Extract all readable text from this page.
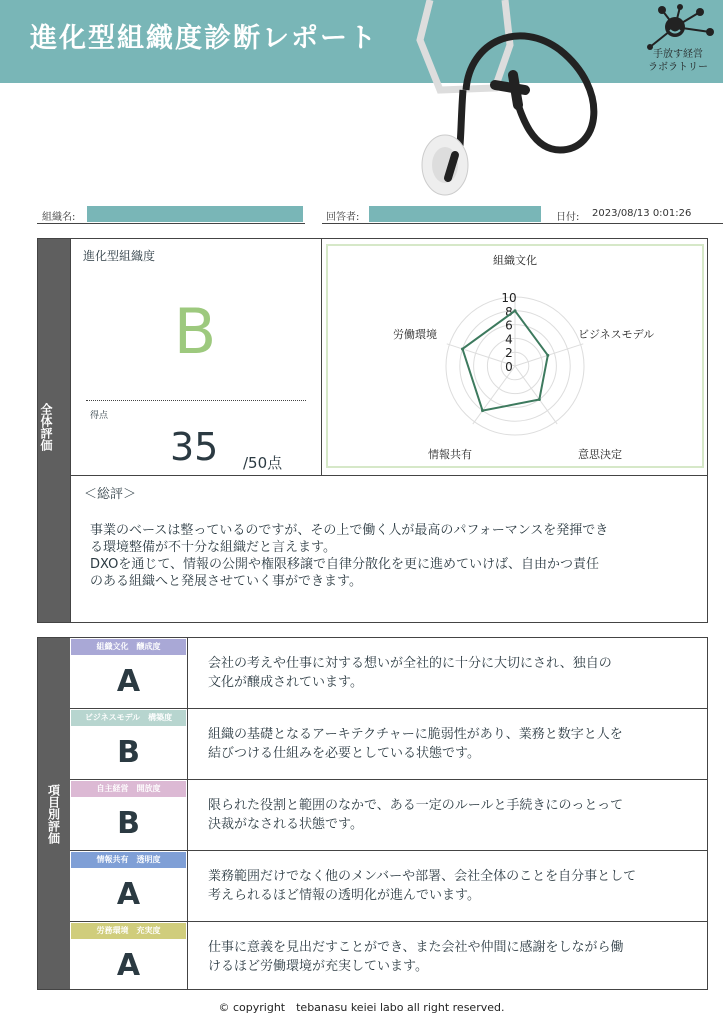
進化型組織度診断レポート
手放す経営
ラボラトリー
組織名:	回答者:	日付: 2023/08/13 0:01:26
全体評価
進化型組織度
B
得点
35 /50点
0
2
4
6
8
10
組織文化
ビジネスモデル
意思決定
情報共有
労働環境
＜総評＞
事業のベースは整っているのですが、その上で働く人が最高のパフォーマンスを発揮でき
る環境整備が不十分な組織だと言えます。
DXOを通じて、情報の公開や権限移譲で自律分散化を更に進めていけば、自由かつ責任
のある組織へと発展させていく事ができます。
項目別評価
組織文化　醸成度
A
会社の考えや仕事に対する想いが全社的に十分に大切にされ、独自の
文化が醸成されています。
ビジネスモデル　構築度
B
組織の基礎となるアーキテクチャーに脆弱性があり、業務と数字と人を
結びつける仕組みを必要としている状態です。
自主経営　開放度
B
限られた役割と範囲のなかで、ある一定のルールと手続きにのっとって
決裁がなされる状態です。
情報共有　透明度
A
業務範囲だけでなく他のメンバーや部署、会社全体のことを自分事として
考えられるほど情報の透明化が進んでいます。
労務環境　充実度
A
仕事に意義を見出だすことができ、また会社や仲間に感謝をしながら働
けるほど労働環境が充実しています。
© copyright　tebanasu keiei labo all right reserved.
